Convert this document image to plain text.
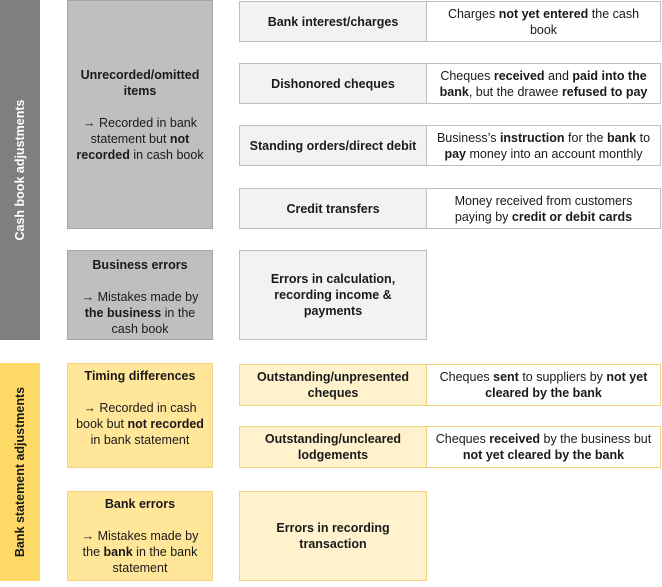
Cash book adjustments
Unrecorded/omitted items
→ Recorded in bank statement but not recorded in cash book
Business errors
→ Mistakes made by the business in the cash book
Bank interest/charges
Charges not yet entered the cash book
Dishonored cheques
Cheques received and paid into the bank, but the drawee refused to pay
Standing orders/direct debit
Business’s instruction for the bank to pay money into an account monthly
Credit transfers
Money received from customers paying by credit or debit cards
Errors in calculation, recording income & payments
Bank statement adjustments
Timing differences
→ Recorded in cash book but not recorded in bank statement
Bank errors
→ Mistakes made by the bank in the bank statement
Outstanding/unpresented cheques
Cheques sent to suppliers by not yet cleared by the bank
Outstanding/uncleared lodgements
Cheques received by the business but not yet cleared by the bank
Errors in recording transaction
